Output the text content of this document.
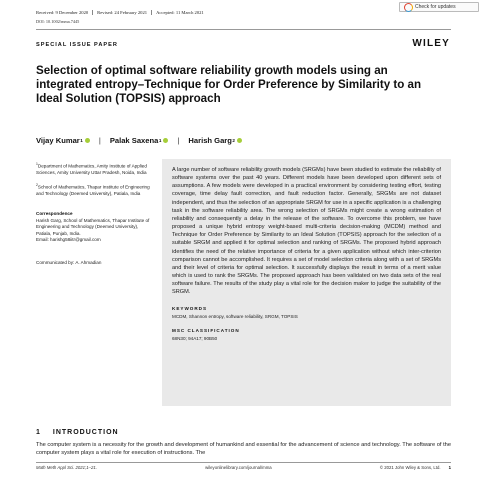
Received: 9 December 2020	Revised: 24 February 2021	Accepted: 11 March 2021
DOI: 10.1002/mma.7445
Check for updates
SPECIAL ISSUE PAPER	WILEY
Selection of optimal software reliability growth models using an integrated entropy–Technique for Order Preference by Similarity to an Ideal Solution (TOPSIS) approach
Vijay Kumar 1 | Palak Saxena 1 | Harish Garg 2
$^1$Department of Mathematics, Amity Institute of Applied Sciences, Amity University Uttar Pradesh, Noida, India
$^2$School of Mathematics, Thapar Institute of Engineering and Technology (Deemed University), Patiala, India
Correspondence
Harish Garg, School of Mathematics, Thapar Institute of Engineering and Technology (Deemed University), Patiala, Punjab, India.
Email: harishg58iitr@gmail.com
Communicated by: A. Ahmadian

A large number of software reliability growth models (SRGMs) have been studied to estimate the reliability of software systems over the past 40 years. Different models have been developed upon different sets of assumptions. A few models were developed in a practical environment by considering testing effort, testing coverage, time delay fault correction, and fault reduction factor. Generally, SRGMs are not dataset independent, and thus the selection of an appropriate SRGM for use in a specific application is a challenging task in the software reliability area. The wrong selection of SRGMs might create a wrong estimation of reliability and consequently a delay in the release of the software. To overcome this problem, we have proposed a unique hybrid entropy weight-based multi-criteria decision-making (MCDM) method and Technique for Order Preference by Similarity to an Ideal Solution (TOPSIS) approach for the selection of a suitable SRGM and applied it for optimal selection and ranking of SRGMs. The proposed hybrid approach identifies the need of the relative importance of criteria for a given application without which inter-criterion comparison cannot be accomplished. It requires a set of model selection criteria along with a set of SRGMs and their level of criteria for optimal selection. It successfully displays the result in terms of a merit value which is used to rank the SRGMs. The proposed approach has been validated on two data sets of the real software failure. The results of the study play a vital role for the decision maker to judge the suitability of the SRGM.

KEYWORDS
MCDM, Shannon entropy, software reliability, SRGM, TOPSIS
MSC CLASSIFICATION
68N30; 94A17; 90B50
1 INTRODUCTION

The computer system is a necessity for the growth and development of humankind and essential for the advancement of science and technology. The software of the computer system plays a vital role for execution of instructions. The

Math Meth Appl Sci. 2021;1–21.	wileyonlinelibrary.com/journal/mma	© 2021 John Wiley & Sons, Ltd. 1
